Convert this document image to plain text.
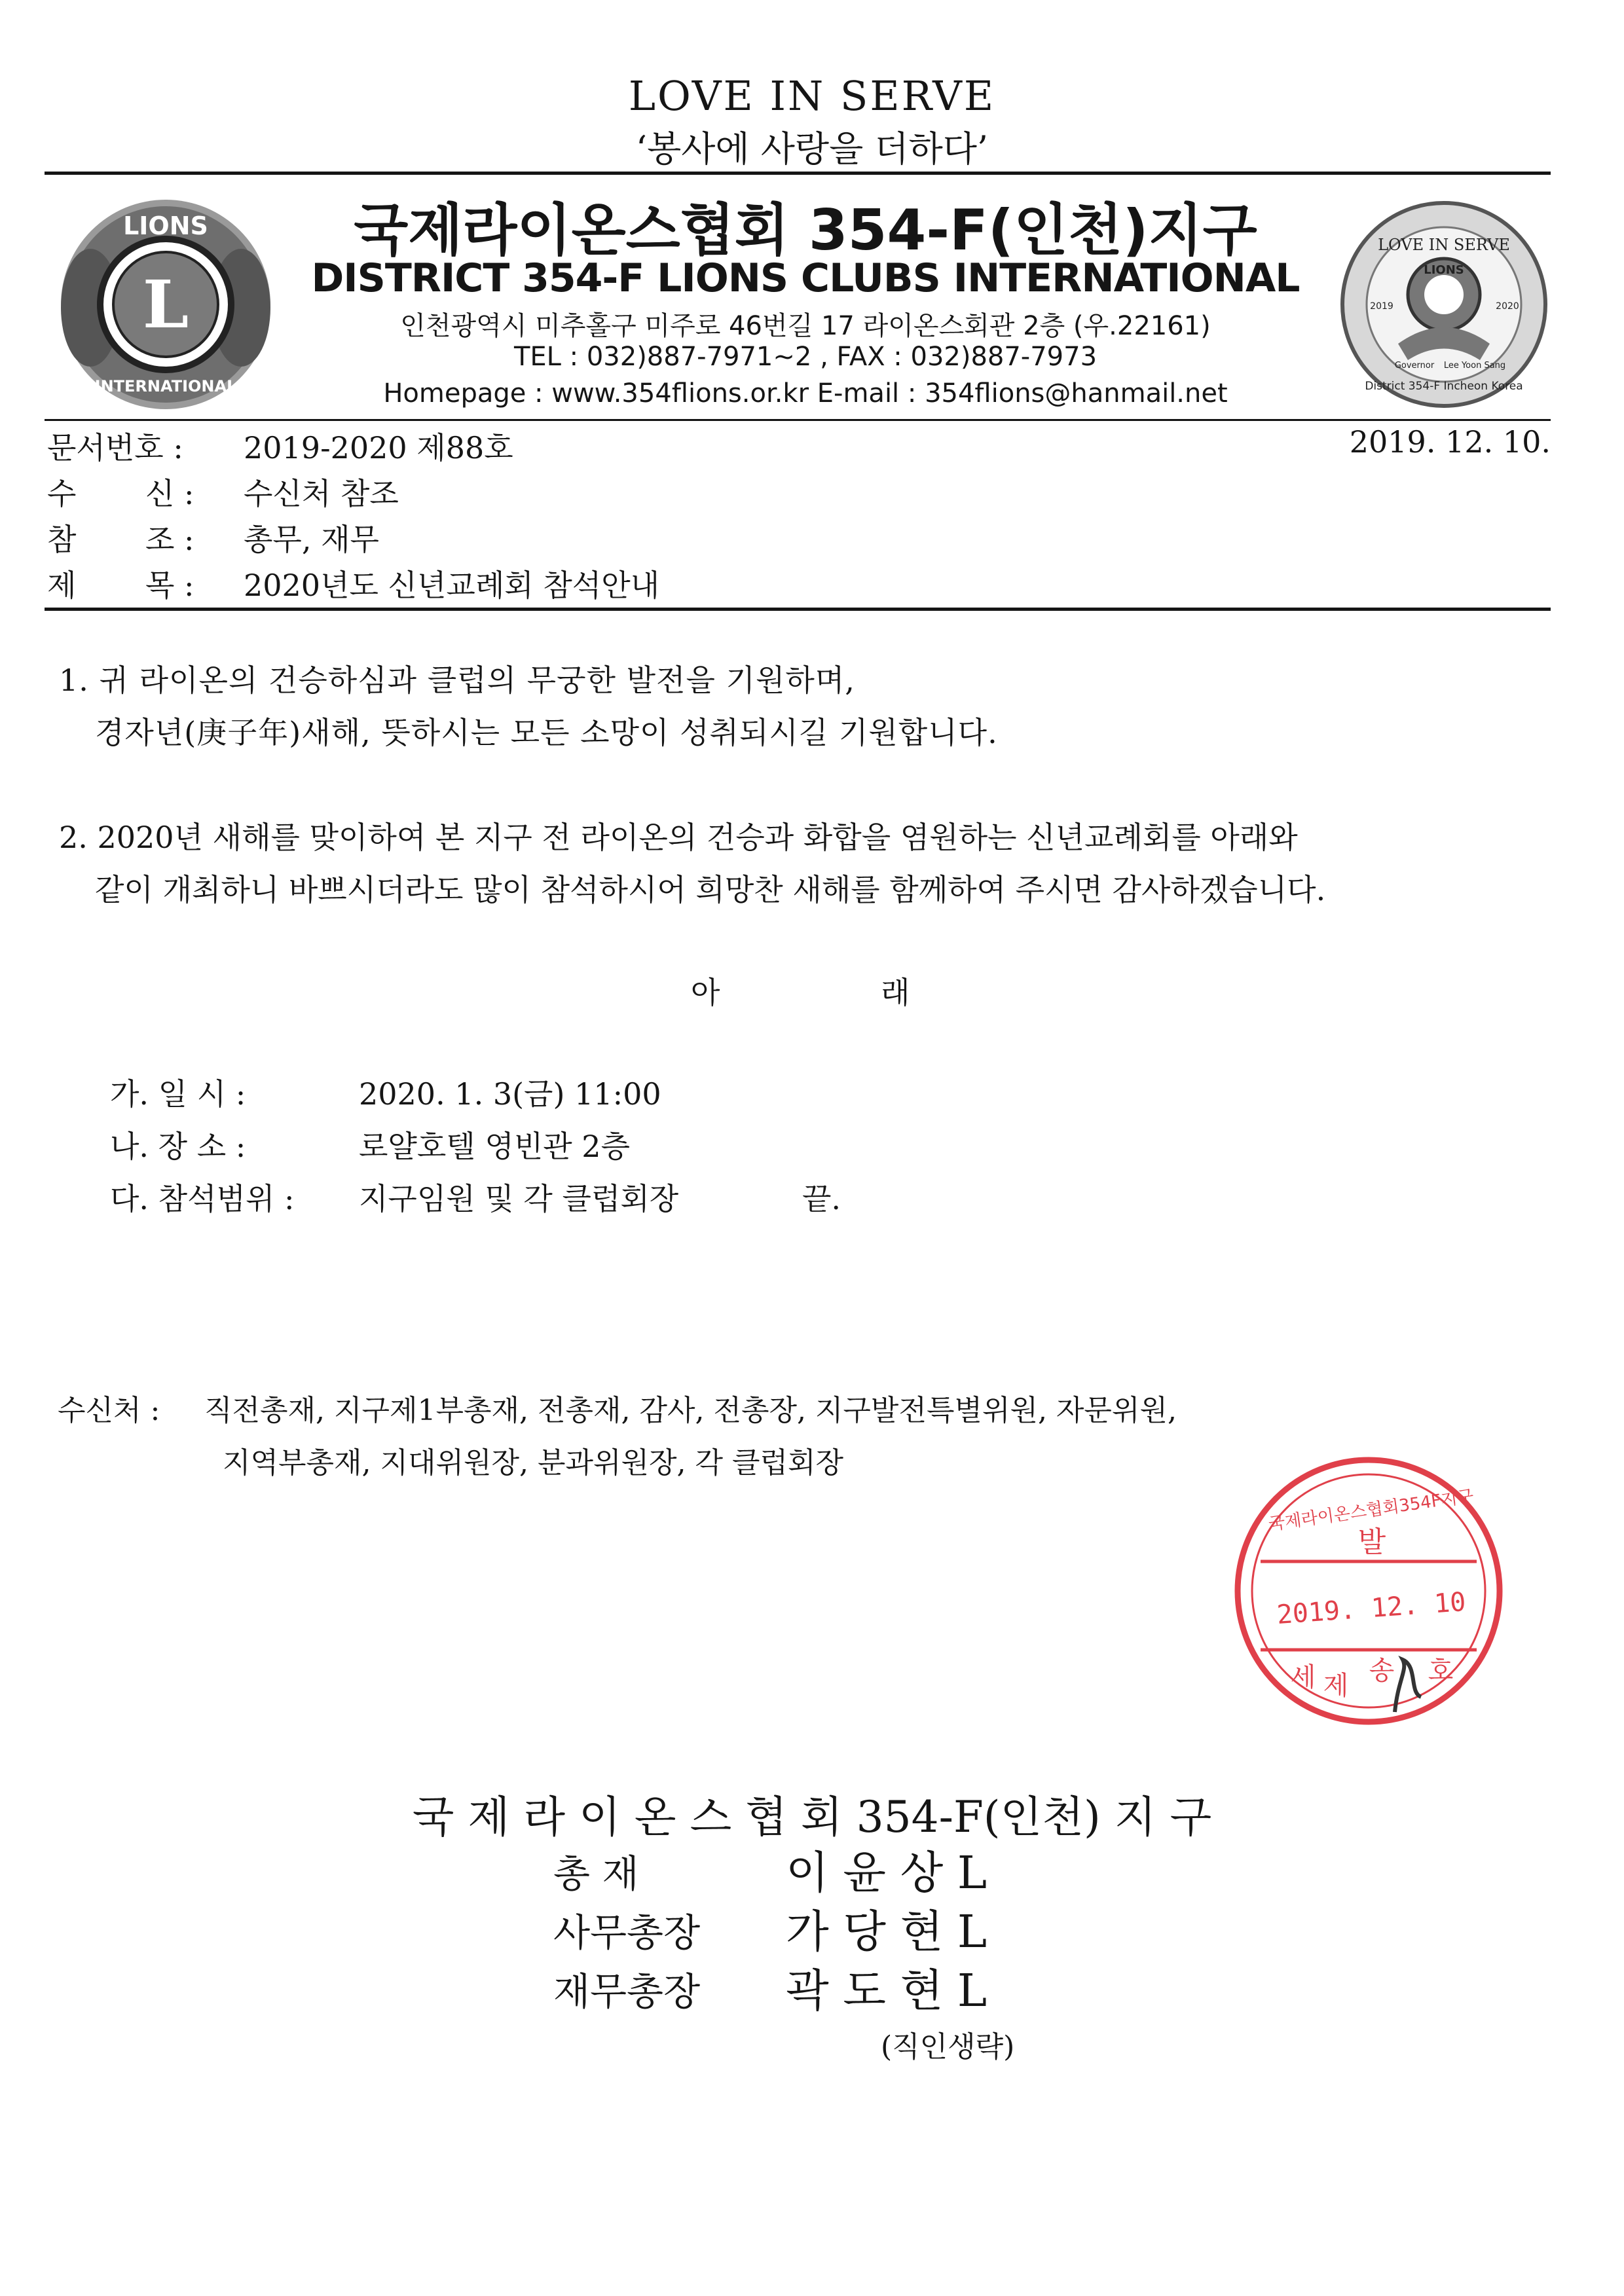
LOVE IN SERVE
‘봉사에 사랑을 더하다’
L
LIONS
INTERNATIONAL
국제라이온스협회 354-F(인천)지구
DISTRICT 354-F LIONS CLUBS INTERNATIONAL
인천광역시 미추홀구 미주로 46번길 17 라이온스회관 2층 (우.22161)
TEL : 032)887-7971~2 , FAX : 032)887-7973
Homepage : www.354flions.or.kr E-mail : 354flions@hanmail.net
LOVE IN SERVE
LIONS
2019	2020
Governor Lee Yoon Sang
District 354-F Incheon Korea
문서번호 : 2019-2020 제88호	2019. 12. 10.
수 신 : 수신처 참조
참 조 : 총무, 재무
제 목 : 2020년도 신년교례회 참석안내
1. 귀 라이온의 건승하심과 클럽의 무궁한 발전을 기원하며,
경자년(庚子年)새해, 뜻하시는 모든 소망이 성취되시길 기원합니다.
2. 2020년 새해를 맞이하여 본 지구 전 라이온의 건승과 화합을 염원하는 신년교례회를 아래와
같이 개최하니 바쁘시더라도 많이 참석하시어 희망찬 새해를 함께하여 주시면 감사하겠습니다.
아	래
가. 일 시 :	2020. 1. 3(금) 11:00
나. 장 소 :	로얄호텔 영빈관 2층
다. 참석범위 : 지구임원 및 각 클럽회장	끝.
수신처 : 직전총재, 지구제1부총재, 전총재, 감사, 전총장, 지구발전특별위원, 자문위원,
지역부총재, 지대위원장, 분과위원장, 각 클럽회장
국제라이온스협회354F지구
발
2019. 12. 10
세 제 송 호
국 제 라 이 온 스 협 회 354-F(인천) 지 구
총 재	이 윤 상 L
사무총장	가 당 현 L
재무총장	곽 도 현 L
(직인생략)
